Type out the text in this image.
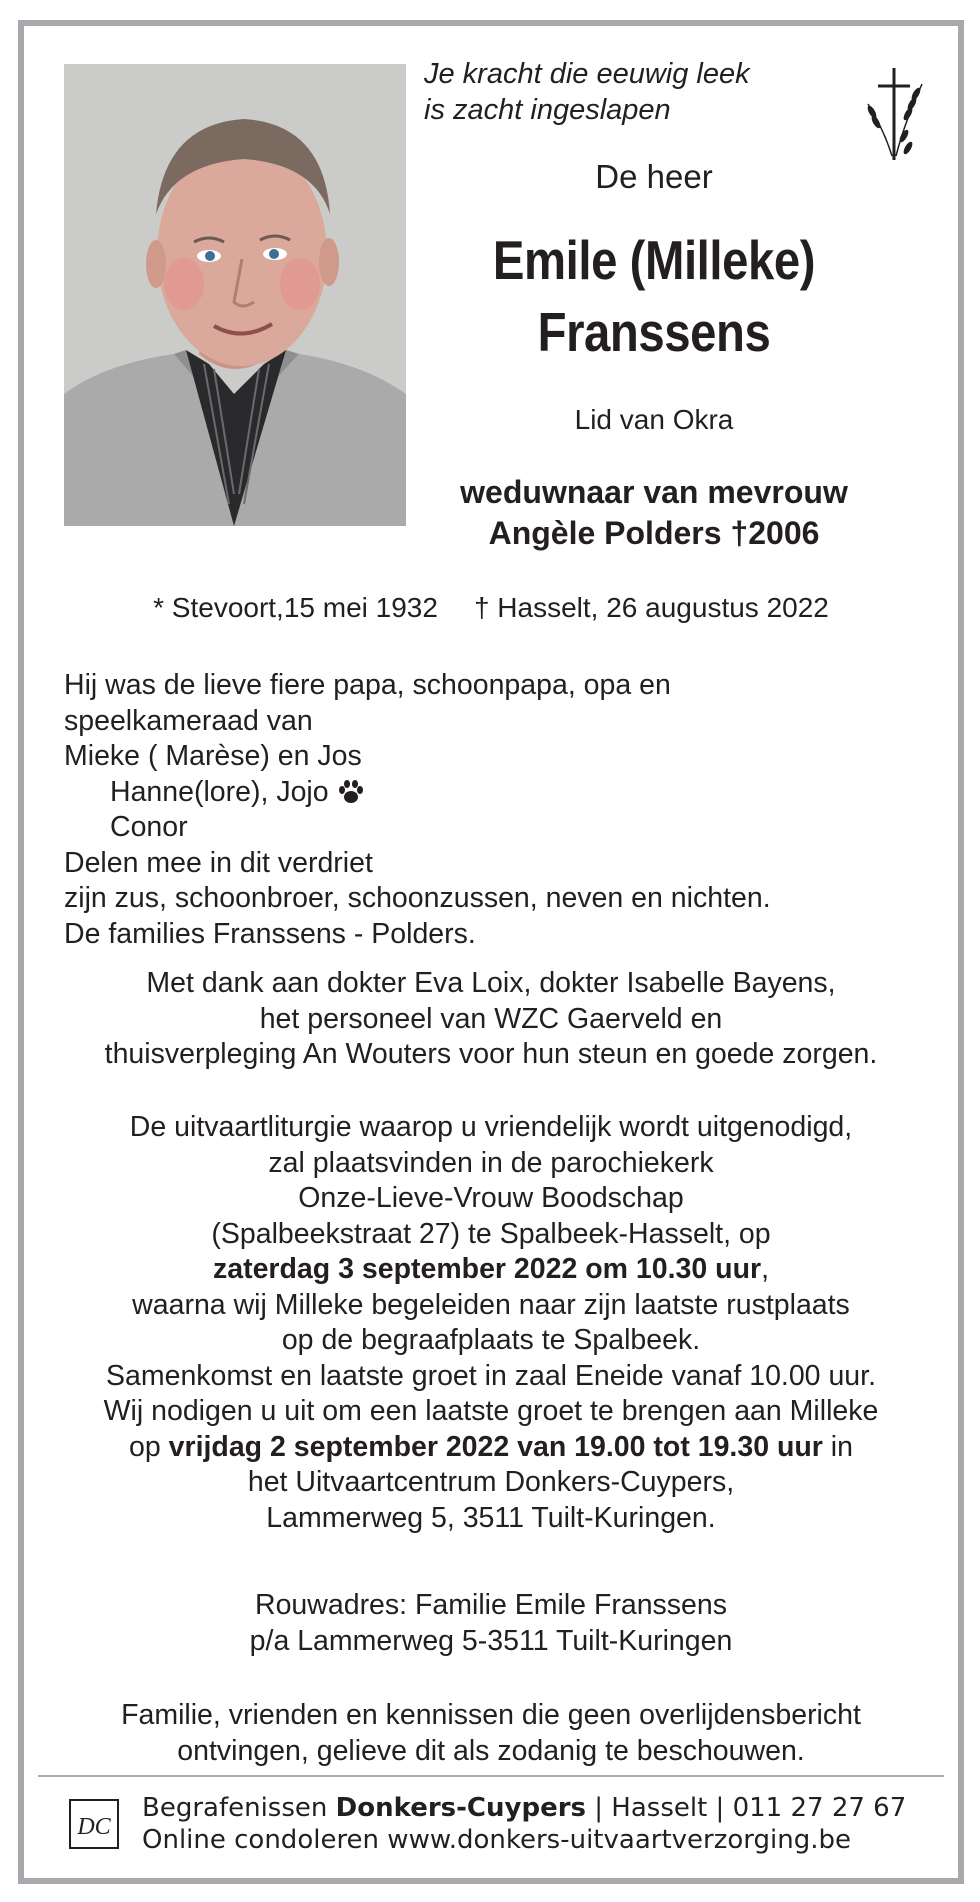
Je kracht die eeuwig leek
is zacht ingeslapen
De heer
Emile (Milleke)
Franssens
Lid van Okra
weduwnaar van mevrouw
Angèle Polders †2006
* Stevoort,15 mei 1932 † Hasselt, 26 augustus 2022
Hij was de lieve fiere papa, schoonpapa, opa en
speelkameraad van
Mieke ( Marèse) en Jos
Hanne(lore), Jojo
Conor
Delen mee in dit verdriet
zijn zus, schoonbroer, schoonzussen, neven en nichten.
De families Franssens - Polders.
Met dank aan dokter Eva Loix, dokter Isabelle Bayens,
het personeel van WZC Gaerveld en
thuisverpleging An Wouters voor hun steun en goede zorgen.
De uitvaartliturgie waarop u vriendelijk wordt uitgenodigd,
zal plaatsvinden in de parochiekerk
Onze-Lieve-Vrouw Boodschap
(Spalbeekstraat 27) te Spalbeek-Hasselt, op
zaterdag 3 september 2022 om 10.30 uur,
waarna wij Milleke begeleiden naar zijn laatste rustplaats
op de begraafplaats te Spalbeek.
Samenkomst en laatste groet in zaal Eneide vanaf 10.00 uur.
Wij nodigen u uit om een laatste groet te brengen aan Milleke
op vrijdag 2 september 2022 van 19.00 tot 19.30 uur in
het Uitvaartcentrum Donkers-Cuypers,
Lammerweg 5, 3511 Tuilt-Kuringen.
Rouwadres: Familie Emile Franssens
p/a Lammerweg 5-3511 Tuilt-Kuringen
Familie, vrienden en kennissen die geen overlijdensbericht
ontvingen, gelieve dit als zodanig te beschouwen.
DC
Begrafenissen Donkers-Cuypers | Hasselt | 011 27 27 67
Online condoleren www.donkers-uitvaartverzorging.be
